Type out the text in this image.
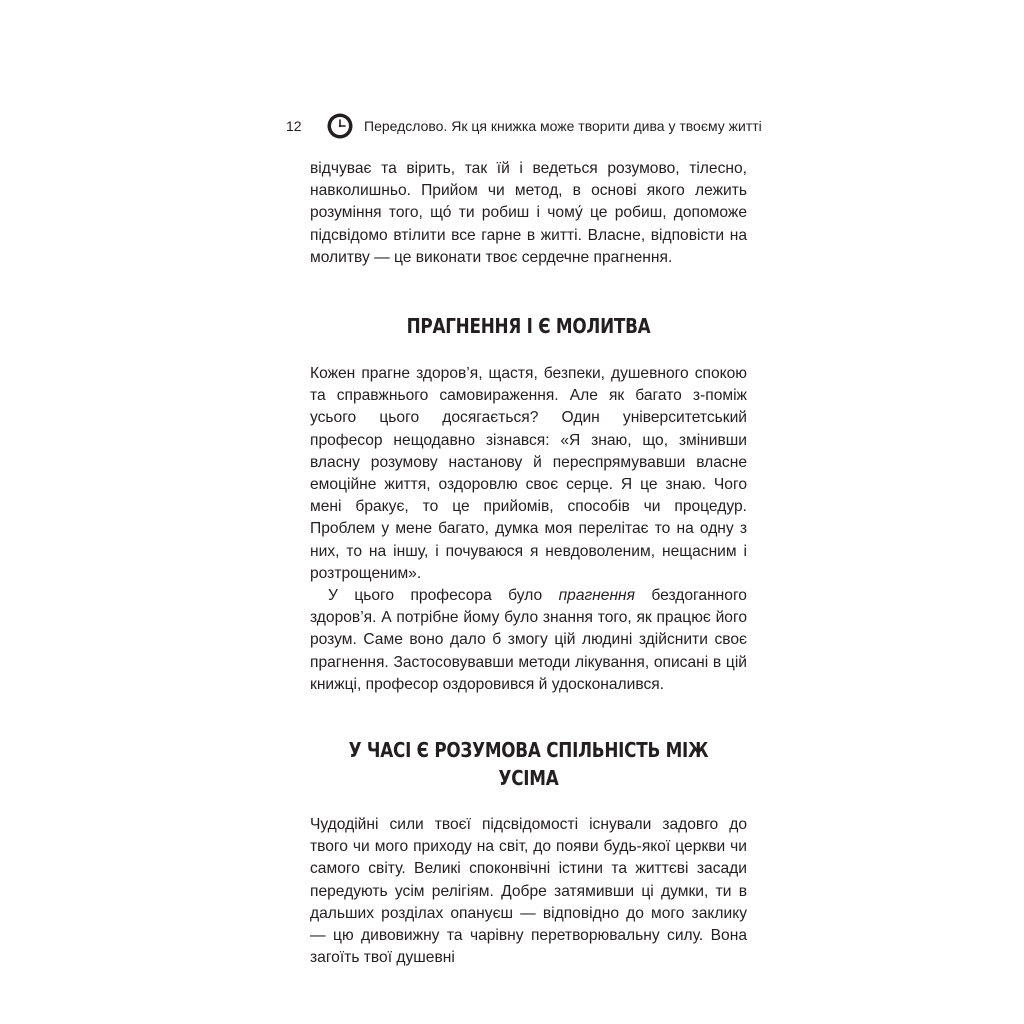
12	Передслово. Як ця книжка може творити дива у твоєму житті

відчуває та вірить, так їй і ведеться розумово, тілесно, навколишньо. Прийом чи метод, в основі якого лежить розуміння того, що́ ти робиш і чому́ це робиш, допоможе підсвідомо втілити все гарне в житті. Власне, відповісти на молитву — це виконати твоє сердечне прагнення.

ПРАГНЕННЯ І Є МОЛИТВА

Кожен прагне здоров’я, щастя, безпеки, душевного спокою та справжнього самовираження. Але як багато з-поміж усього цього досягається? Один університетський професор нещодавно зізнався: «Я знаю, що, змінивши власну розумову настанову й переспрямувавши власне емоційне життя, оздоровлю своє серце. Я це знаю. Чого мені бракує, то це прийомів, способів чи процедур. Проблем у мене багато, думка моя перелітає то на одну з них, то на іншу, і почуваюся я невдоволеним, нещасним і розтрощеним».

У цього професора було прагнення бездоганного здоров’я. А потрібне йому було знання того, як працює його розум. Саме воно дало б змогу цій людині здійснити своє прагнення. Застосовувавши методи лікування, описані в цій книжці, професор оздоровився й удосконалився.

У ЧАСІ Є РОЗУМОВА СПІЛЬНІСТЬ МІЖ УСІМА

Чудодійні сили твоєї підсвідомості існували задовго до твого чи мого приходу на світ, до появи будь-якої церкви чи самого світу. Великі споконвічні істини та життєві засади передують усім релігіям. Добре затямивши ці думки, ти в дальших розділах опануєш — відповідно до мого заклику — цю дивовижну та чарівну перетворювальну силу. Вона загоїть твої душевні
